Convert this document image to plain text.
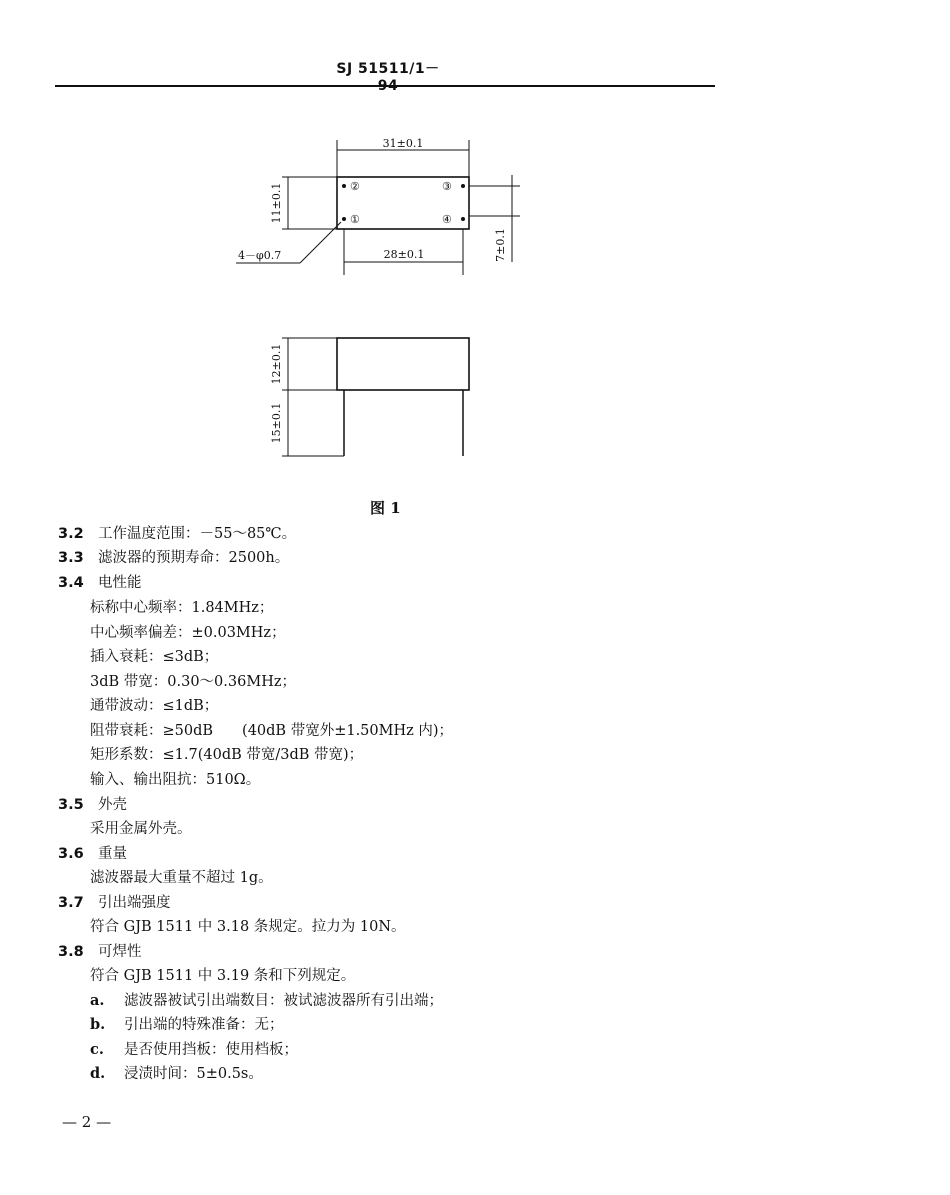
SJ 51511/1－94
31±0.1
11±0.1	②
①
③
④
28±0.1	7±0.1
4－φ0.7
12±0.1
15±0.1
图 1
3.2 工作温度范围：－55～85℃。
3.3 滤波器的预期寿命：2500h。
3.4 电性能
标称中心频率：1.84MHz；
中心频率偏差：±0.03MHz；
插入衰耗：≤3dB；
3dB 带宽：0.30～0.36MHz；
通带波动：≤1dB；
阻带衰耗：≥50dB　　(40dB 带宽外±1.50MHz 内)；
矩形系数：≤1.7(40dB 带宽/3dB 带宽)；
输入、输出阻抗：510Ω。
3.5 外壳
采用金属外壳。
3.6 重量
滤波器最大重量不超过 1g。
3.7 引出端强度
符合 GJB 1511 中 3.18 条规定。拉力为 10N。
3.8 可焊性
符合 GJB 1511 中 3.19 条和下列规定。
a. 滤波器被试引出端数目：被试滤波器所有引出端；
b. 引出端的特殊准备：无；
c. 是否使用挡板：使用档板；
d. 浸渍时间：5±0.5s。
— 2 —
